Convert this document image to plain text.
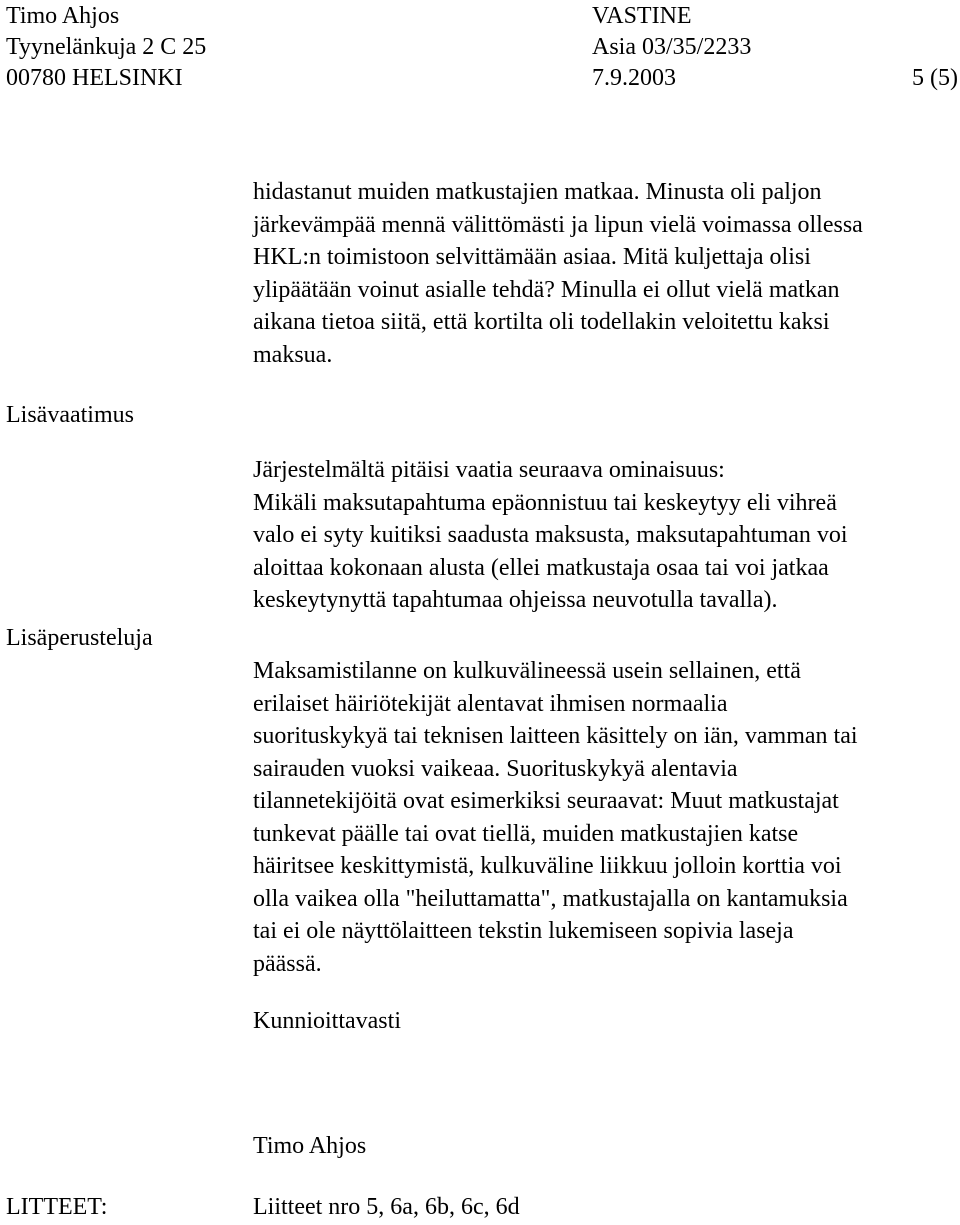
Timo Ahjos
Tyynelänkuja 2 C 25
00780 HELSINKI
VASTINE
Asia 03/35/2233
7.9.2003	5 (5)
hidastanut muiden matkustajien matkaa. Minusta oli paljon
järkevämpää mennä välittömästi ja lipun vielä voimassa ollessa
HKL:n toimistoon selvittämään asiaa. Mitä kuljettaja olisi
ylipäätään voinut asialle tehdä? Minulla ei ollut vielä matkan
aikana tietoa siitä, että kortilta oli todellakin veloitettu kaksi
maksua.
Lisävaatimus
Järjestelmältä pitäisi vaatia seuraava ominaisuus:
Mikäli maksutapahtuma epäonnistuu tai keskeytyy eli vihreä
valo ei syty kuitiksi saadusta maksusta, maksutapahtuman voi
aloittaa kokonaan alusta (ellei matkustaja osaa tai voi jatkaa
keskeytynyttä tapahtumaa ohjeissa neuvotulla tavalla).
Lisäperusteluja
Maksamistilanne on kulkuvälineessä usein sellainen, että
erilaiset häiriötekijät alentavat ihmisen normaalia
suorituskykyä tai teknisen laitteen käsittely on iän, vamman tai
sairauden vuoksi vaikeaa. Suorituskykyä alentavia
tilannetekijöitä ovat esimerkiksi seuraavat: Muut matkustajat
tunkevat päälle tai ovat tiellä, muiden matkustajien katse
häiritsee keskittymistä, kulkuväline liikkuu jolloin korttia voi
olla vaikea olla "heiluttamatta", matkustajalla on kantamuksia
tai ei ole näyttölaitteen tekstin lukemiseen sopivia laseja
päässä.
Kunnioittavasti
Timo Ahjos
LITTEET:	Liitteet nro 5, 6a, 6b, 6c, 6d
